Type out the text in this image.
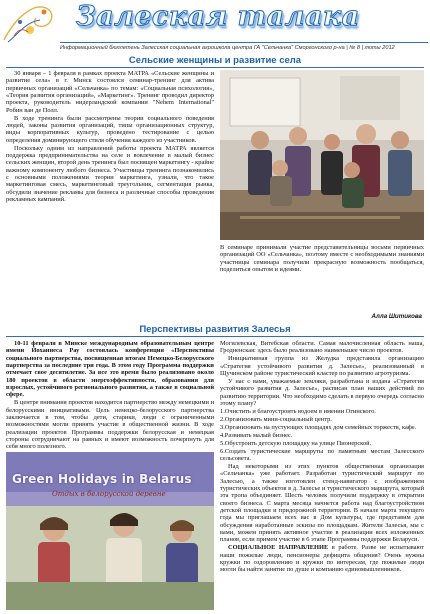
Залеская талака
Информационный бюллетень Залесская социальная агрошкола центра ГА "Сельчанка" Сморгонского р-на | № 8 | люты 2012
Сельские женщины и развитие села

30 января – 1 февраля в рамках проекта МАТРА «Сельские женщины и развитие села» в г. Минск состоялся семинар-тренинг для актива первичных организаций «Сельчанка» по темам: «Социальная психология», «Теория развития организаций», «Маркетинг». Тренинг проводил директор проекта, руководитель нидерландской компании "Nehem International" Робин ван де Полл.

В ходе тренинга были рассмотрены теории социального поведения людей, законы развития организаций, типы организационных структур, виды корпоративных культур, проведено тестирование с целью определения доминирующего стиля обучения каждого из участников.

Поскольку одним из направлений работы проекта МАТРА является поддержка предпринимательства на селе и вовлечение в малый бизнес сельских женщин, второй день тренинга был посвящен маркетингу - крайне важному компоненту любого бизнеса. Участницы тренинга познакомились с основными положениями теории маркетинга, узнали, что такое маркетинговая смесь, маркетинговый треугольник, сегментация рынка, обсудили значение рекламы для бизнеса и различные способы проведения рекламных кампаний.

В семинаре принимали участие представительницы восьми первичных организаций ОО «Сельчанка», поэтому вместе с необходимыми знаниями участницы семинара получили прекрасную возможность пообщаться, поделиться опытом и идеями.

Алла Шитикова
Перспективы развития Залесья

10-11 февраля в Минске международным образовательным центре имени Йоханнеса Рау состоялась конференция «Перспективы социального партнерства, посвященная итогам Немецко-Белорусского партнерства за последние три года. В этом году Программа поддержки отмечает свое десятилетие. За все это время было реализовано около 180 проектов в области энергоэффективности, образования для взрослых, устойчивого регионального развития, а также в социальной сфере.

В центре внимания проектов находится партнерство между немецкими и белорусскими инициативами. Цель немецко-белорусского партнерства заключается в том, чтобы дети, старики, люди с ограниченными возможностями могли принять участие в общественной жизни. В ходе реализации проектов Программы поддержки белорусская и немецкая стороны сотрудничают на равных и имеют возможность почерпнуть для себя много полезного.

Green Holidays in Belarus
Отдых в белорусской деревне

Могилевская, Витебская области. Самая малочисленная область наша, Гродненская: здесь было реализовано наименьшее число проектов.

Инициативная группа из Желудка представила организацию «Стратегия устойчивого развития д. Залесье», реализованный в Щучинском районе туристический кластер по развитию агротуризма.

У нас с вами, уважаемые земляки, разработана и издана «Стратегия устойчивого развития д. Залесье», расписан план наших действий по развитию территории. Что необходимо сделать в первую очередь согласно этому плану?

1.Очистить и благоустроить водоем в имении Огинского.

2.Организовать мини-социальный центр.

3.Организовать на пустующих площадях дом семейных торжеств, кафе.

4.Развивать малый бизнес.

5.Обустроить детскую площадку на улице Пионерской.

6.Создать туристические маршруты по памятным местам Залесского сельсовета.

Над некоторыми из этих пунктов общественная организация «Сельчанка» уже работает. Разработан туристический маршрут по Залесью, а также изготовлен стенд-навигатор с изображением туристических объектов в д. Залесье и туристического маршрута, который эта тропа объединяет. Шесть человек получили поддержку в открытии своего бизнеса. С марта месяца начнется работа над благоустройством детской площадки и придорожной территории. В начале марта текущего года мы приглашаем всех вас в Дом культуры, где представим для обсуждения наработанные эскизы по площадкам. Жители Залесья, мы с вами, можем принять активное участие в реализации всех изложенных планов, если примем участие в 6 этапе Программы поддержки Беларуси.

СОЦИАЛЬНОЕ НАПРАВЛЕНИЕ в работе. Разве не испытывают наши пожилые люди, пенсионеры дефицита общения? Очень нужны кружки по оздоровлению и кружки по интересам, где пожилые люди могли бы найти занятие по душе и компанию единомышленников.
